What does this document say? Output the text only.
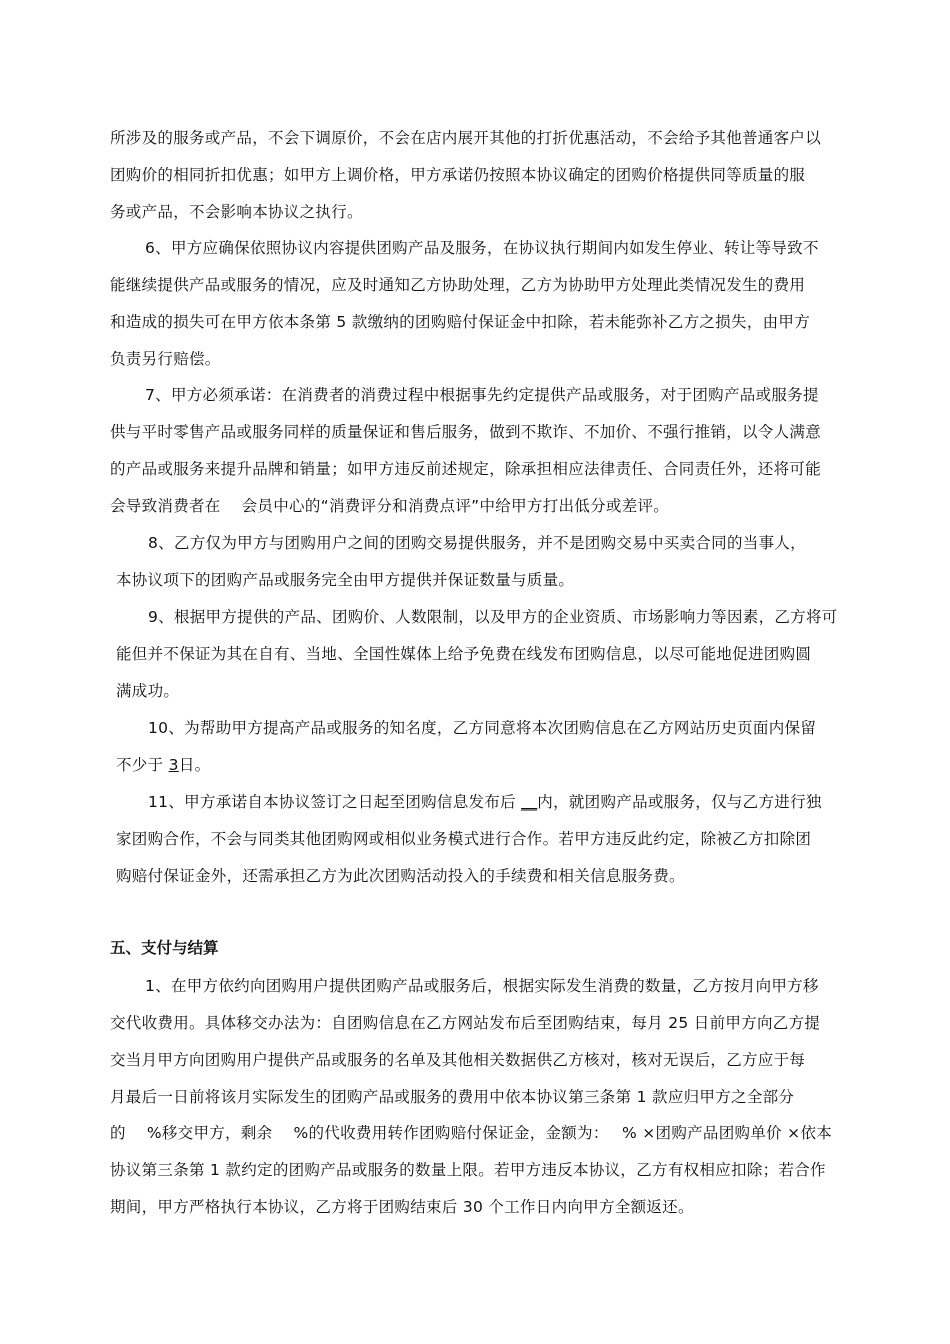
所涉及的服务或产品，不会下调原价，不会在店内展开其他的打折优惠活动，不会给予其他普通客户以
团购价的相同折扣优惠；如甲方上调价格，甲方承诺仍按照本协议确定的团购价格提供同等质量的服
务或产品，不会影响本协议之执行。
6、甲方应确保依照协议内容提供团购产品及服务，在协议执行期间内如发生停业、转让等导致不
能继续提供产品或服务的情况，应及时通知乙方协助处理，乙方为协助甲方处理此类情况发生的费用
和造成的损失可在甲方依本条第 5 款缴纳的团购赔付保证金中扣除，若未能弥补乙方之损失，由甲方
负责另行赔偿。
7、甲方必须承诺：在消费者的消费过程中根据事先约定提供产品或服务，对于团购产品或服务提
供与平时零售产品或服务同样的质量保证和售后服务，做到不欺诈、不加价、不强行推销，以令人满意
的产品或服务来提升品牌和销量；如甲方违反前述规定，除承担相应法律责任、合同责任外，还将可能
会导致消费者在　 会员中心的“消费评分和消费点评”中给甲方打出低分或差评。
8、乙方仅为甲方与团购用户之间的团购交易提供服务，并不是团购交易中买卖合同的当事人，
本协议项下的团购产品或服务完全由甲方提供并保证数量与质量。
9、根据甲方提供的产品、团购价、人数限制，以及甲方的企业资质、市场影响力等因素，乙方将可
能但并不保证为其在自有、当地、全国性媒体上给予免费在线发布团购信息，以尽可能地促进团购圆
满成功。
10、为帮助甲方提高产品或服务的知名度，乙方同意将本次团购信息在乙方网站历史页面内保留
不少于 3日。
11、甲方承诺自本协议签订之日起至团购信息发布后 __内，就团购产品或服务，仅与乙方进行独
家团购合作，不会与同类其他团购网或相似业务模式进行合作。若甲方违反此约定，除被乙方扣除团
购赔付保证金外，还需承担乙方为此次团购活动投入的手续费和相关信息服务费。
五、支付与结算
1、在甲方依约向团购用户提供团购产品或服务后，根据实际发生消费的数量，乙方按月向甲方移
交代收费用。具体移交办法为：自团购信息在乙方网站发布后至团购结束，每月 25 日前甲方向乙方提
交当月甲方向团购用户提供产品或服务的名单及其他相关数据供乙方核对，核对无误后，乙方应于每
月最后一日前将该月实际发生的团购产品或服务的费用中依本协议第三条第 1 款应归甲方之全部分
的　 %移交甲方，剩余　 %的代收费用转作团购赔付保证金，金额为：　 % ×团购产品团购单价 ×依本
协议第三条第 1 款约定的团购产品或服务的数量上限。若甲方违反本协议，乙方有权相应扣除；若合作
期间，甲方严格执行本协议，乙方将于团购结束后 30 个工作日内向甲方全额返还。
